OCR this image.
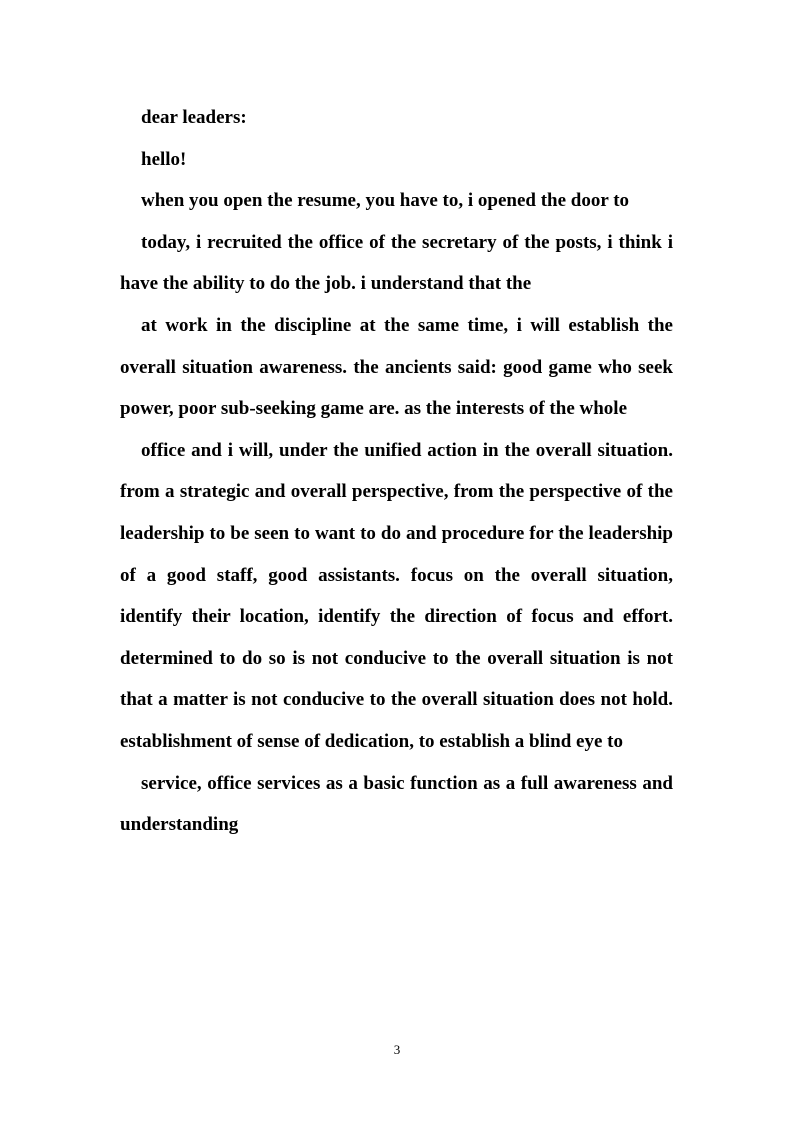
dear leaders:

hello!

when you open the resume, you have to, i opened the door to

today, i recruited the office of the secretary of the posts, i think i have the ability to do the job. i understand that the

at work in the discipline at the same time, i will establish the overall situation awareness. the ancients said: good game who seek power, poor sub-seeking game are. as the interests of the whole

office and i will, under the unified action in the overall situation. from a strategic and overall perspective, from the perspective of the leadership to be seen to want to do and procedure for the leadership of a good staff, good assistants. focus on the overall situation, identify their location, identify the direction of focus and effort. determined to do so is not conducive to the overall situation is not that a matter is not conducive to the overall situation does not hold. establishment of sense of dedication, to establish a blind eye to

service, office services as a basic function as a full awareness and understanding

3
